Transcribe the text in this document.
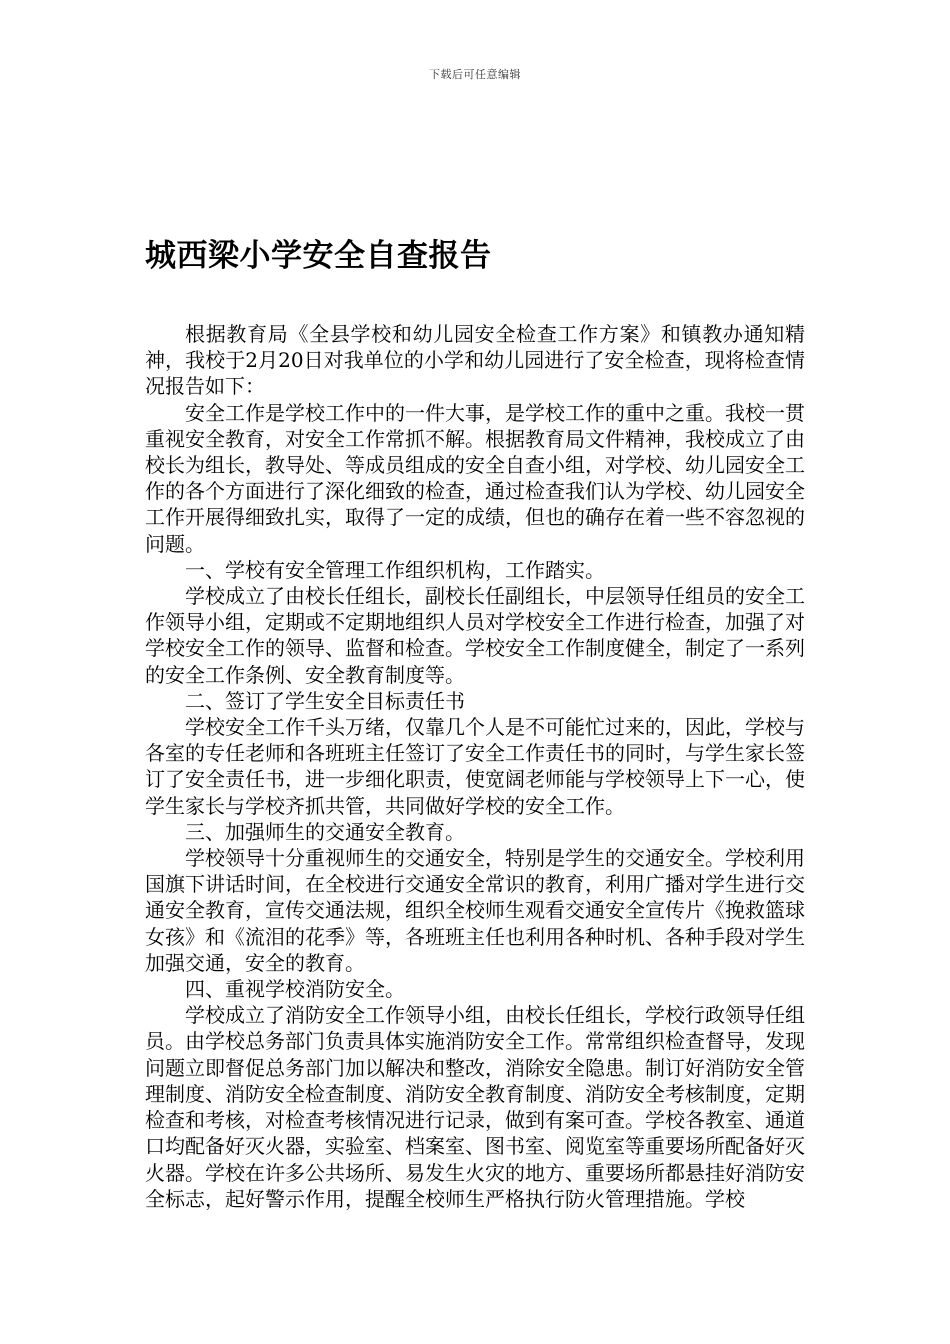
下载后可任意编辑
城西梁小学安全自查报告

根据教育局《全县学校和幼儿园安全检查工作方案》和镇教办通知精神，我校于2月20日对我单位的小学和幼儿园进行了安全检查，现将检查情况报告如下：

安全工作是学校工作中的一件大事，是学校工作的重中之重。我校一贯重视安全教育，对安全工作常抓不解。根据教育局文件精神，我校成立了由校长为组长，教导处、等成员组成的安全自查小组，对学校、幼儿园安全工作的各个方面进行了深化细致的检查，通过检查我们认为学校、幼儿园安全工作开展得细致扎实，取得了一定的成绩，但也的确存在着一些不容忽视的问题。

一、学校有安全管理工作组织机构，工作踏实。

学校成立了由校长任组长，副校长任副组长，中层领导任组员的安全工作领导小组，定期或不定期地组织人员对学校安全工作进行检查，加强了对学校安全工作的领导、监督和检查。学校安全工作制度健全，制定了一系列的安全工作条例、安全教育制度等。

二、签订了学生安全目标责任书

学校安全工作千头万绪，仅靠几个人是不可能忙过来的，因此，学校与各室的专任老师和各班班主任签订了安全工作责任书的同时，与学生家长签订了安全责任书，进一步细化职责，使宽阔老师能与学校领导上下一心，使学生家长与学校齐抓共管，共同做好学校的安全工作。

三、加强师生的交通安全教育。

学校领导十分重视师生的交通安全，特别是学生的交通安全。学校利用国旗下讲话时间，在全校进行交通安全常识的教育，利用广播对学生进行交通安全教育，宣传交通法规，组织全校师生观看交通安全宣传片《挽救篮球女孩》和《流泪的花季》等，各班班主任也利用各种时机、各种手段对学生加强交通，安全的教育。

四、重视学校消防安全。

学校成立了消防安全工作领导小组，由校长任组长，学校行政领导任组员。由学校总务部门负责具体实施消防安全工作。常常组织检查督导，发现问题立即督促总务部门加以解决和整改，消除安全隐患。制订好消防安全管理制度、消防安全检查制度、消防安全教育制度、消防安全考核制度，定期检查和考核，对检查考核情况进行记录，做到有案可查。学校各教室、通道口均配备好灭火器，实验室、档案室、图书室、阅览室等重要场所配备好灭火器。学校在许多公共场所、易发生火灾的地方、重要场所都悬挂好消防安全标志，起好警示作用，提醒全校师生严格执行防火管理措施。学校
